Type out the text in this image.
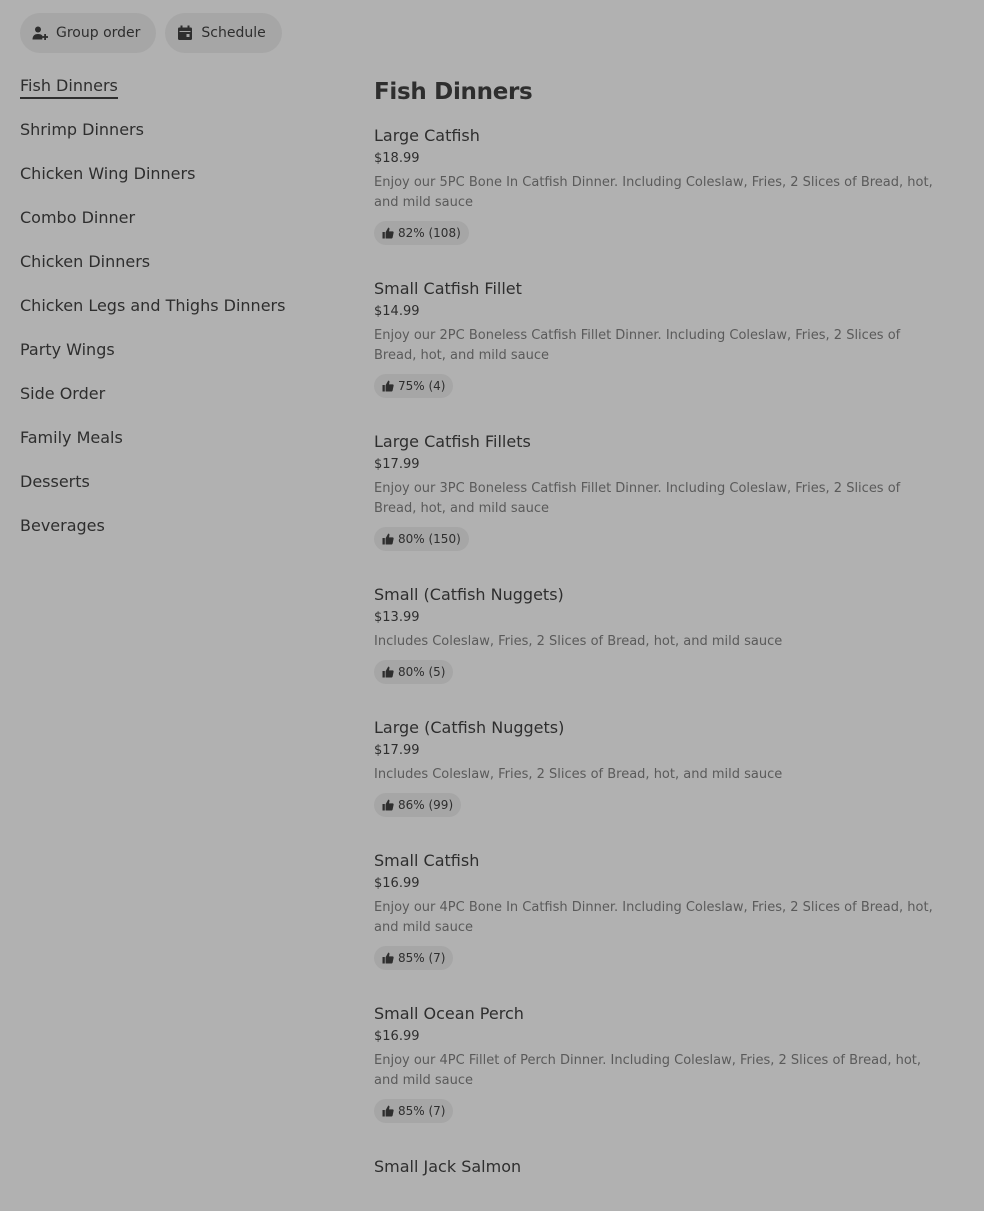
Group order	Schedule
Fish Dinners
Shrimp Dinners
Chicken Wing Dinners
Combo Dinner
Chicken Dinners
Chicken Legs and Thighs Dinners
Party Wings
Side Order
Family Meals
Desserts
Beverages
Fish Dinners
Large Catfish
$18.99
Enjoy our 5PC Bone In Catfish Dinner. Including Coleslaw, Fries, 2 Slices of Bread, hot, and mild sauce
82% (108)
Small Catfish Fillet
$14.99
Enjoy our 2PC Boneless Catfish Fillet Dinner. Including Coleslaw, Fries, 2 Slices of Bread, hot, and mild sauce
75% (4)
Large Catfish Fillets
$17.99
Enjoy our 3PC Boneless Catfish Fillet Dinner. Including Coleslaw, Fries, 2 Slices of Bread, hot, and mild sauce
80% (150)
Small (Catfish Nuggets)
$13.99
Includes Coleslaw, Fries, 2 Slices of Bread, hot, and mild sauce
80% (5)
Large (Catfish Nuggets)
$17.99
Includes Coleslaw, Fries, 2 Slices of Bread, hot, and mild sauce
86% (99)
Small Catfish
$16.99
Enjoy our 4PC Bone In Catfish Dinner. Including Coleslaw, Fries, 2 Slices of Bread, hot, and mild sauce
85% (7)
Small Ocean Perch
$16.99
Enjoy our 4PC Fillet of Perch Dinner. Including Coleslaw, Fries, 2 Slices of Bread, hot, and mild sauce
85% (7)
Small Jack Salmon
